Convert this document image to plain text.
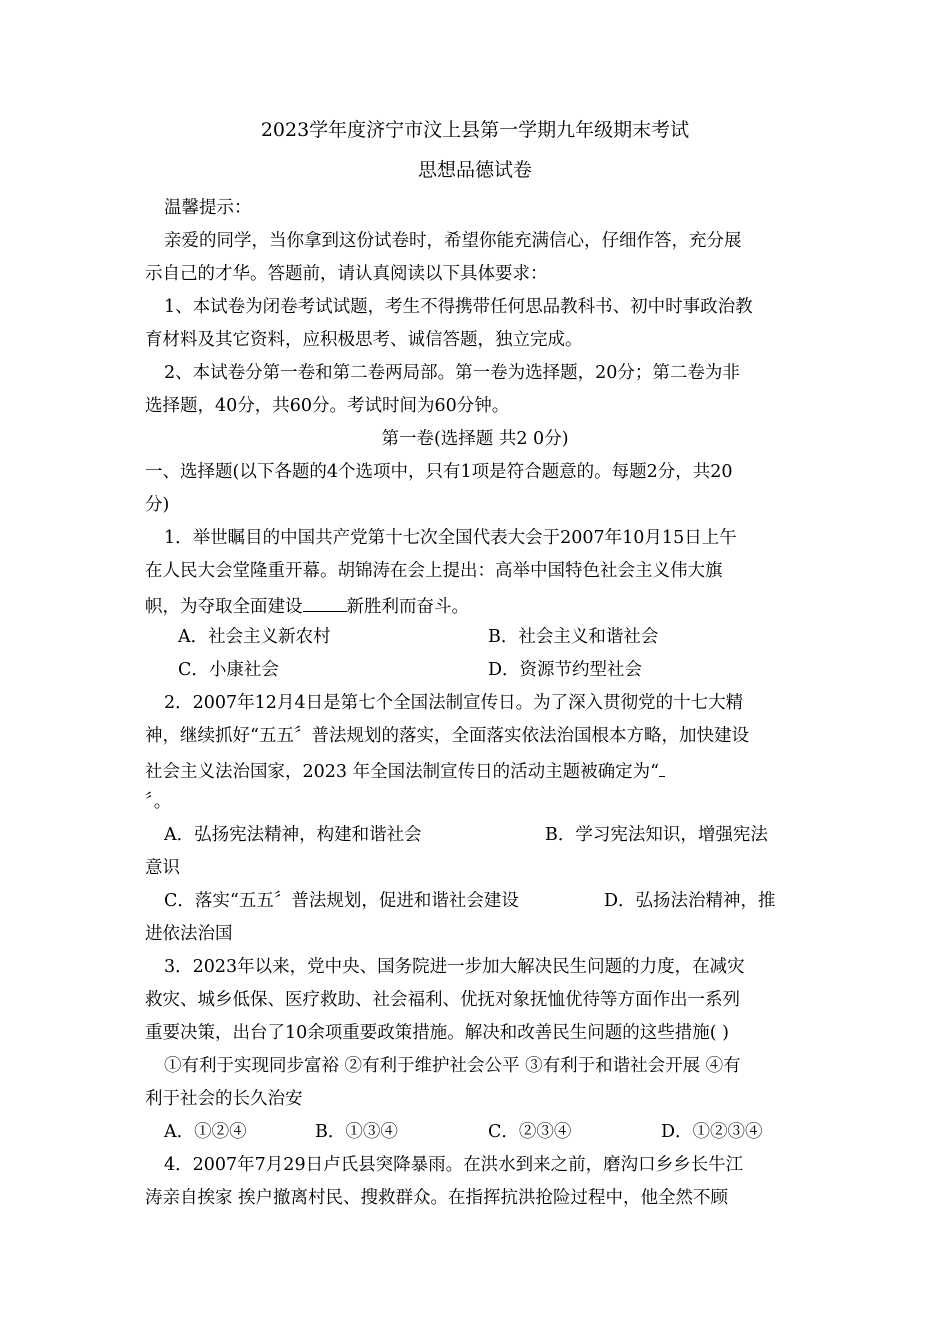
2023学年度济宁市汶上县第一学期九年级期末考试
思想品德试卷
温馨提示：
亲爱的同学，当你拿到这份试卷时，希望你能充满信心，仔细作答，充分展
示自己的才华。答题前，请认真阅读以下具体要求：
1、本试卷为闭卷考试试题，考生不得携带任何思品教科书、初中时事政治教
育材料及其它资料，应积极思考、诚信答题，独立完成。
2、本试卷分第一卷和第二卷两局部。第一卷为选择题，20分；第二卷为非
选择题，40分，共60分。考试时间为60分钟。
第一卷(选择题 共2 0分)
一、选择题(以下各题的4个选项中，只有1项是符合题意的。每题2分，共20
分)
1．举世瞩目的中国共产党第十七次全国代表大会于2007年10月15日上午
在人民大会堂隆重开幕。胡锦涛在会上提出：高举中国特色社会主义伟大旗
帜，为夺取全面建设	新胜利而奋斗。
A．社会主义新农村	B．社会主义和谐社会
C．小康社会	D．资源节约型社会
2．2007年12月4日是第七个全国法制宣传日。为了深入贯彻党的十七大精
神，继续抓好“五五〞普法规划的落实，全面落实依法治国根本方略，加快建设
社会主义法治国家，2023 年全国法制宣传日的活动主题被确定为“
〞。
A．弘扬宪法精神，构建和谐社会	B．学习宪法知识，增强宪法
意识
C．落实“五五〞普法规划，促进和谐社会建设	D．弘扬法治精神，推
进依法治国
3．2023年以来，党中央、国务院进一步加大解决民生问题的力度，在减灾
救灾、城乡低保、医疗救助、社会福利、优抚对象抚恤优待等方面作出一系列
重要决策，出台了10余项重要政策措施。解决和改善民生问题的这些措施( )
①有利于实现同步富裕 ②有利于维护社会公平 ③有利于和谐社会开展 ④有
利于社会的长久治安
A．①②④	B．①③④	C．②③④	D．①②③④
4．2007年7月29日卢氏县突降暴雨。在洪水到来之前，磨沟口乡乡长牛江
涛亲自挨家 挨户撤离村民、搜救群众。在指挥抗洪抢险过程中，他全然不顾
